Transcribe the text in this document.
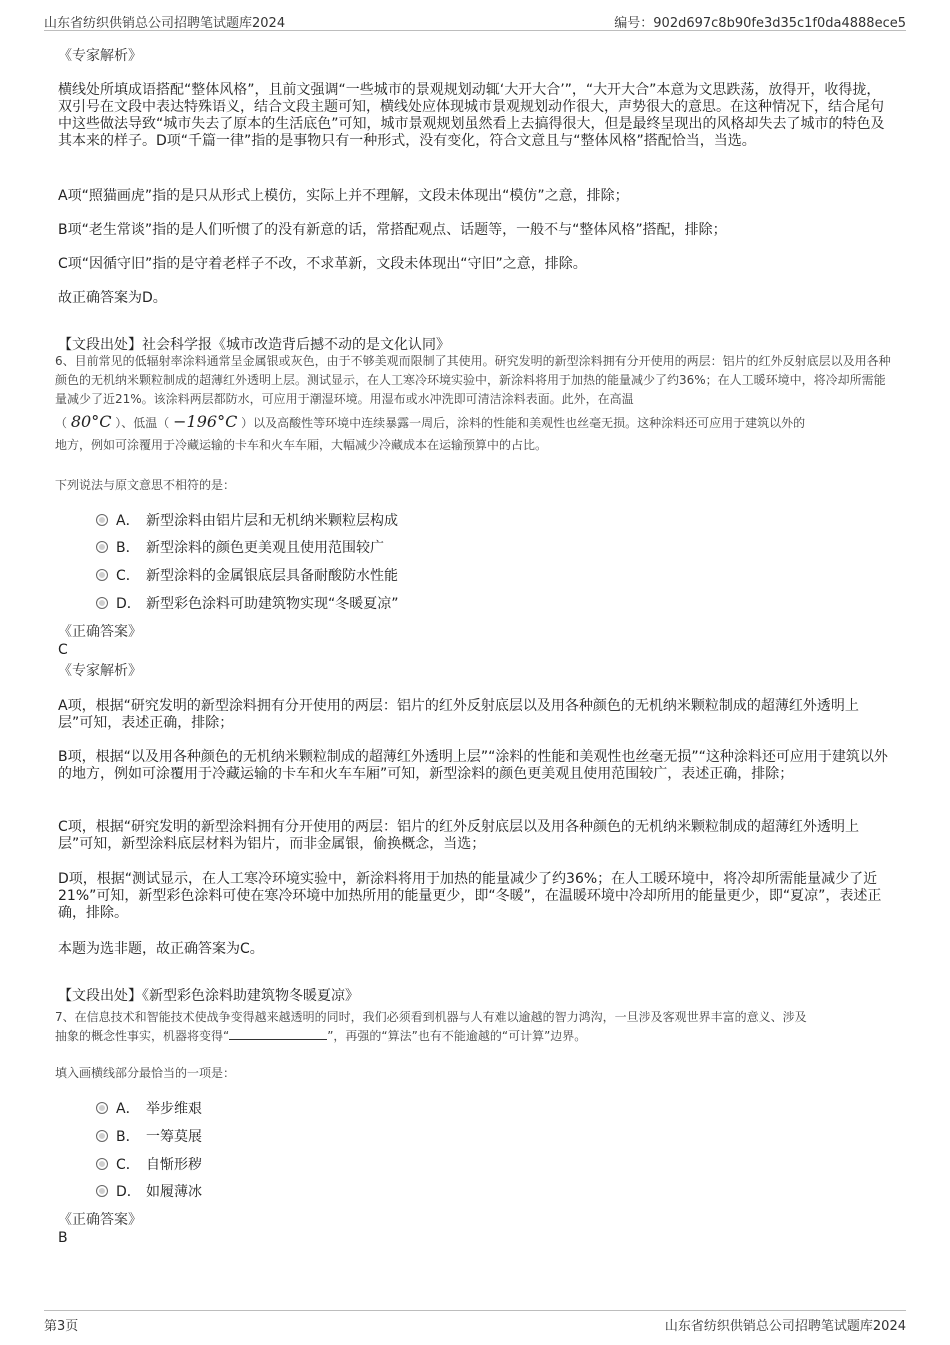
山东省纺织供销总公司招聘笔试题库2024	编号：902d697c8b90fe3d35c1f0da4888ece5
《专家解析》

横线处所填成语搭配“整体风格”，且前文强调“一些城市的景观规划动辄‘大开大合’”，“大开大合”本意为文思跌荡，放得开，收得拢，双引号在文段中表达特殊语义，结合文段主题可知，横线处应体现城市景观规划动作很大，声势很大的意思。在这种情况下，结合尾句中这些做法导致“城市失去了原本的生活底色”可知，城市景观规划虽然看上去搞得很大，但是最终呈现出的风格却失去了城市的特色及其本来的样子。D项“千篇一律”指的是事物只有一种形式，没有变化，符合文意且与“整体风格”搭配恰当，当选。

A项“照猫画虎”指的是只从形式上模仿，实际上并不理解，文段未体现出“模仿”之意，排除；

B项“老生常谈”指的是人们听惯了的没有新意的话，常搭配观点、话题等，一般不与“整体风格”搭配，排除；

C项“因循守旧”指的是守着老样子不改，不求革新，文段未体现出“守旧”之意，排除。

故正确答案为D。

【文段出处】社会科学报《城市改造背后撼不动的是文化认同》

6、目前常见的低辐射率涂料通常呈金属银或灰色，由于不够美观而限制了其使用。研究发明的新型涂料拥有分开使用的两层：铝片的红外反射底层以及用各种颜色的无机纳米颗粒制成的超薄红外透明上层。测试显示，在人工寒冷环境实验中，新涂料将用于加热的能量减少了约36%；在人工暖环境中，将冷却所需能量减少了近21%。该涂料两层都防水，可应用于潮湿环境。用湿布或水冲洗即可清洁涂料表面。此外，在高温

（ 80°C ）、低温（ −196°C ）以及高酸性等环境中连续暴露一周后，涂料的性能和美观性也丝毫无损。这种涂料还可应用于建筑以外的

地方，例如可涂覆用于冷藏运输的卡车和火车车厢，大幅减少冷藏成本在运输预算中的占比。

下列说法与原文意思不相符的是：
A． 新型涂料由铝片层和无机纳米颗粒层构成
B． 新型涂料的颜色更美观且使用范围较广
C． 新型涂料的金属银底层具备耐酸防水性能
D． 新型彩色涂料可助建筑物实现“冬暖夏凉”
《正确答案》
C
《专家解析》

A项，根据“研究发明的新型涂料拥有分开使用的两层：铝片的红外反射底层以及用各种颜色的无机纳米颗粒制成的超薄红外透明上层”可知，表述正确，排除；

B项，根据“以及用各种颜色的无机纳米颗粒制成的超薄红外透明上层”“涂料的性能和美观性也丝毫无损”“这种涂料还可应用于建筑以外的地方，例如可涂覆用于冷藏运输的卡车和火车车厢”可知，新型涂料的颜色更美观且使用范围较广，表述正确，排除；

C项，根据“研究发明的新型涂料拥有分开使用的两层：铝片的红外反射底层以及用各种颜色的无机纳米颗粒制成的超薄红外透明上层”可知，新型涂料底层材料为铝片，而非金属银，偷换概念，当选；

D项，根据“测试显示，在人工寒冷环境实验中，新涂料将用于加热的能量减少了约36%；在人工暖环境中，将冷却所需能量减少了近21%”可知，新型彩色涂料可使在寒冷环境中加热所用的能量更少，即“冬暖”，在温暖环境中冷却所用的能量更少，即“夏凉”，表述正确，排除。

本题为选非题，故正确答案为C。

【文段出处】《新型彩色涂料助建筑物冬暖夏凉》

7、在信息技术和智能技术使战争变得越来越透明的同时，我们必须看到机器与人有难以逾越的智力鸿沟，一旦涉及客观世界丰富的意义、涉及

抽象的概念性事实，机器将变得“	”，再强的“算法”也有不能逾越的“可计算”边界。

填入画横线部分最恰当的一项是：
A． 举步维艰
B． 一筹莫展
C． 自惭形秽
D． 如履薄冰
《正确答案》
B
第3页	山东省纺织供销总公司招聘笔试题库2024
